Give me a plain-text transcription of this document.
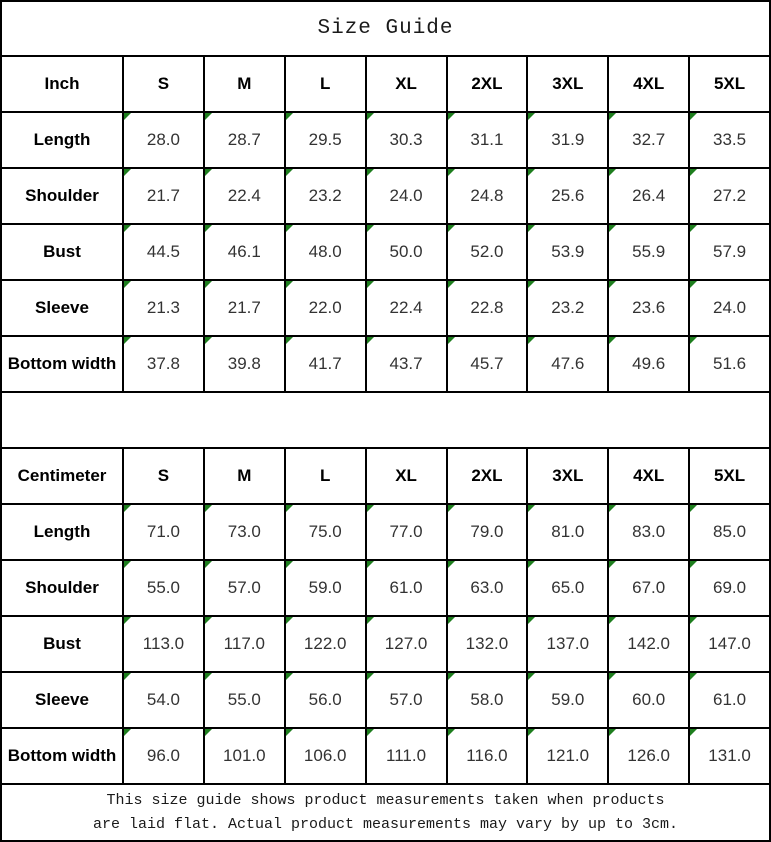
Size Guide								
Inch	S	M	L	XL	2XL	3XL	4XL	5XL
Length	28.0	28.7	29.5	30.3	31.1	31.9	32.7	33.5
Shoulder	21.7	22.4	23.2	24.0	24.8	25.6	26.4	27.2
Bust	44.5	46.1	48.0	50.0	52.0	53.9	55.9	57.9
Sleeve	21.3	21.7	22.0	22.4	22.8	23.2	23.6	24.0
Bottom width	37.8	39.8	41.7	43.7	45.7	47.6	49.6	51.6

Centimeter	S	M	L	XL	2XL	3XL	4XL	5XL
Length	71.0	73.0	75.0	77.0	79.0	81.0	83.0	85.0
Shoulder	55.0	57.0	59.0	61.0	63.0	65.0	67.0	69.0
Bust	113.0	117.0	122.0	127.0	132.0	137.0	142.0	147.0
Sleeve	54.0	55.0	56.0	57.0	58.0	59.0	60.0	61.0
Bottom width	96.0	101.0	106.0	111.0	116.0	121.0	126.0	131.0

This size guide shows product measurements taken when products
are laid flat. Actual product measurements may vary by up to 3cm.								
